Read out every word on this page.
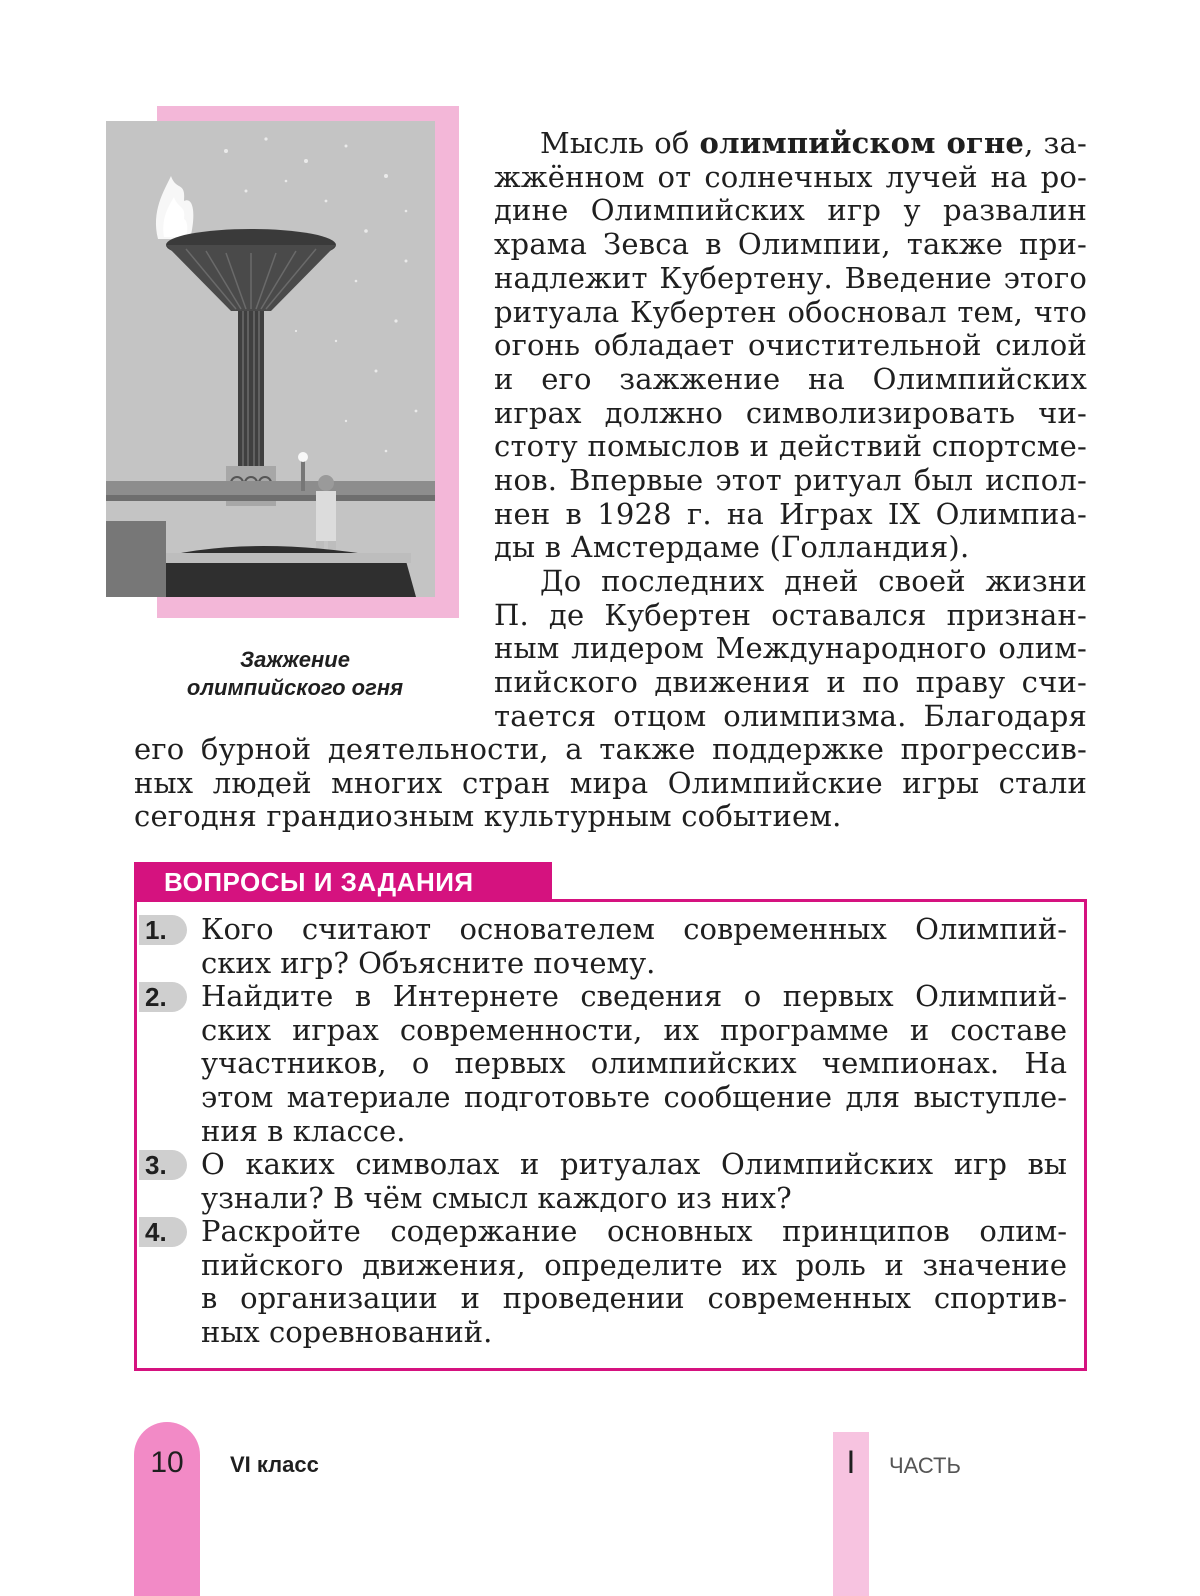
Зажжение
олимпийского огня
Мысль об олимпийском огне, за-
жжённом от солнечных лучей на ро-
дине Олимпийских игр у развалин
храма Зевса в Олимпии, также при-
надлежит Кубертену. Введение этого
ритуала Кубертен обосновал тем, что
огонь обладает очистительной силой
и его зажжение на Олимпийских
играх должно символизировать чи-
стоту помыслов и действий спортсме-
нов. Впервые этот ритуал был испол-
нен в 1928 г. на Играх IX Олимпиа-
ды в Амстердаме (Голландия).
До последних дней своей жизни
П. де Кубертен оставался признан-
ным лидером Международного олим-
пийского движения и по праву счи-
тается отцом олимпизма. Благодаря
его бурной деятельности, а также поддержке прогрессив-
ных людей многих стран мира Олимпийские игры стали
сегодня грандиозным культурным событием.
ВОПРОСЫ И ЗАДАНИЯ
1.	Кого считают основателем современных Олимпий-
ских игр? Объясните почему.
2.	Найдите в Интернете сведения о первых Олимпий-
ских играх современности, их программе и составе
участников, о первых олимпийских чемпионах. На
этом материале подготовьте сообщение для выступле-
ния в классе.
3.	О каких символах и ритуалах Олимпийских игр вы
узнали? В чём смысл каждого из них?
4.	Раскройте содержание основных принципов олим-
пийского движения, определите их роль и значение
в организации и проведении современных спортив-
ных соревнований.
10	VI класс	I	ЧАСТЬ
